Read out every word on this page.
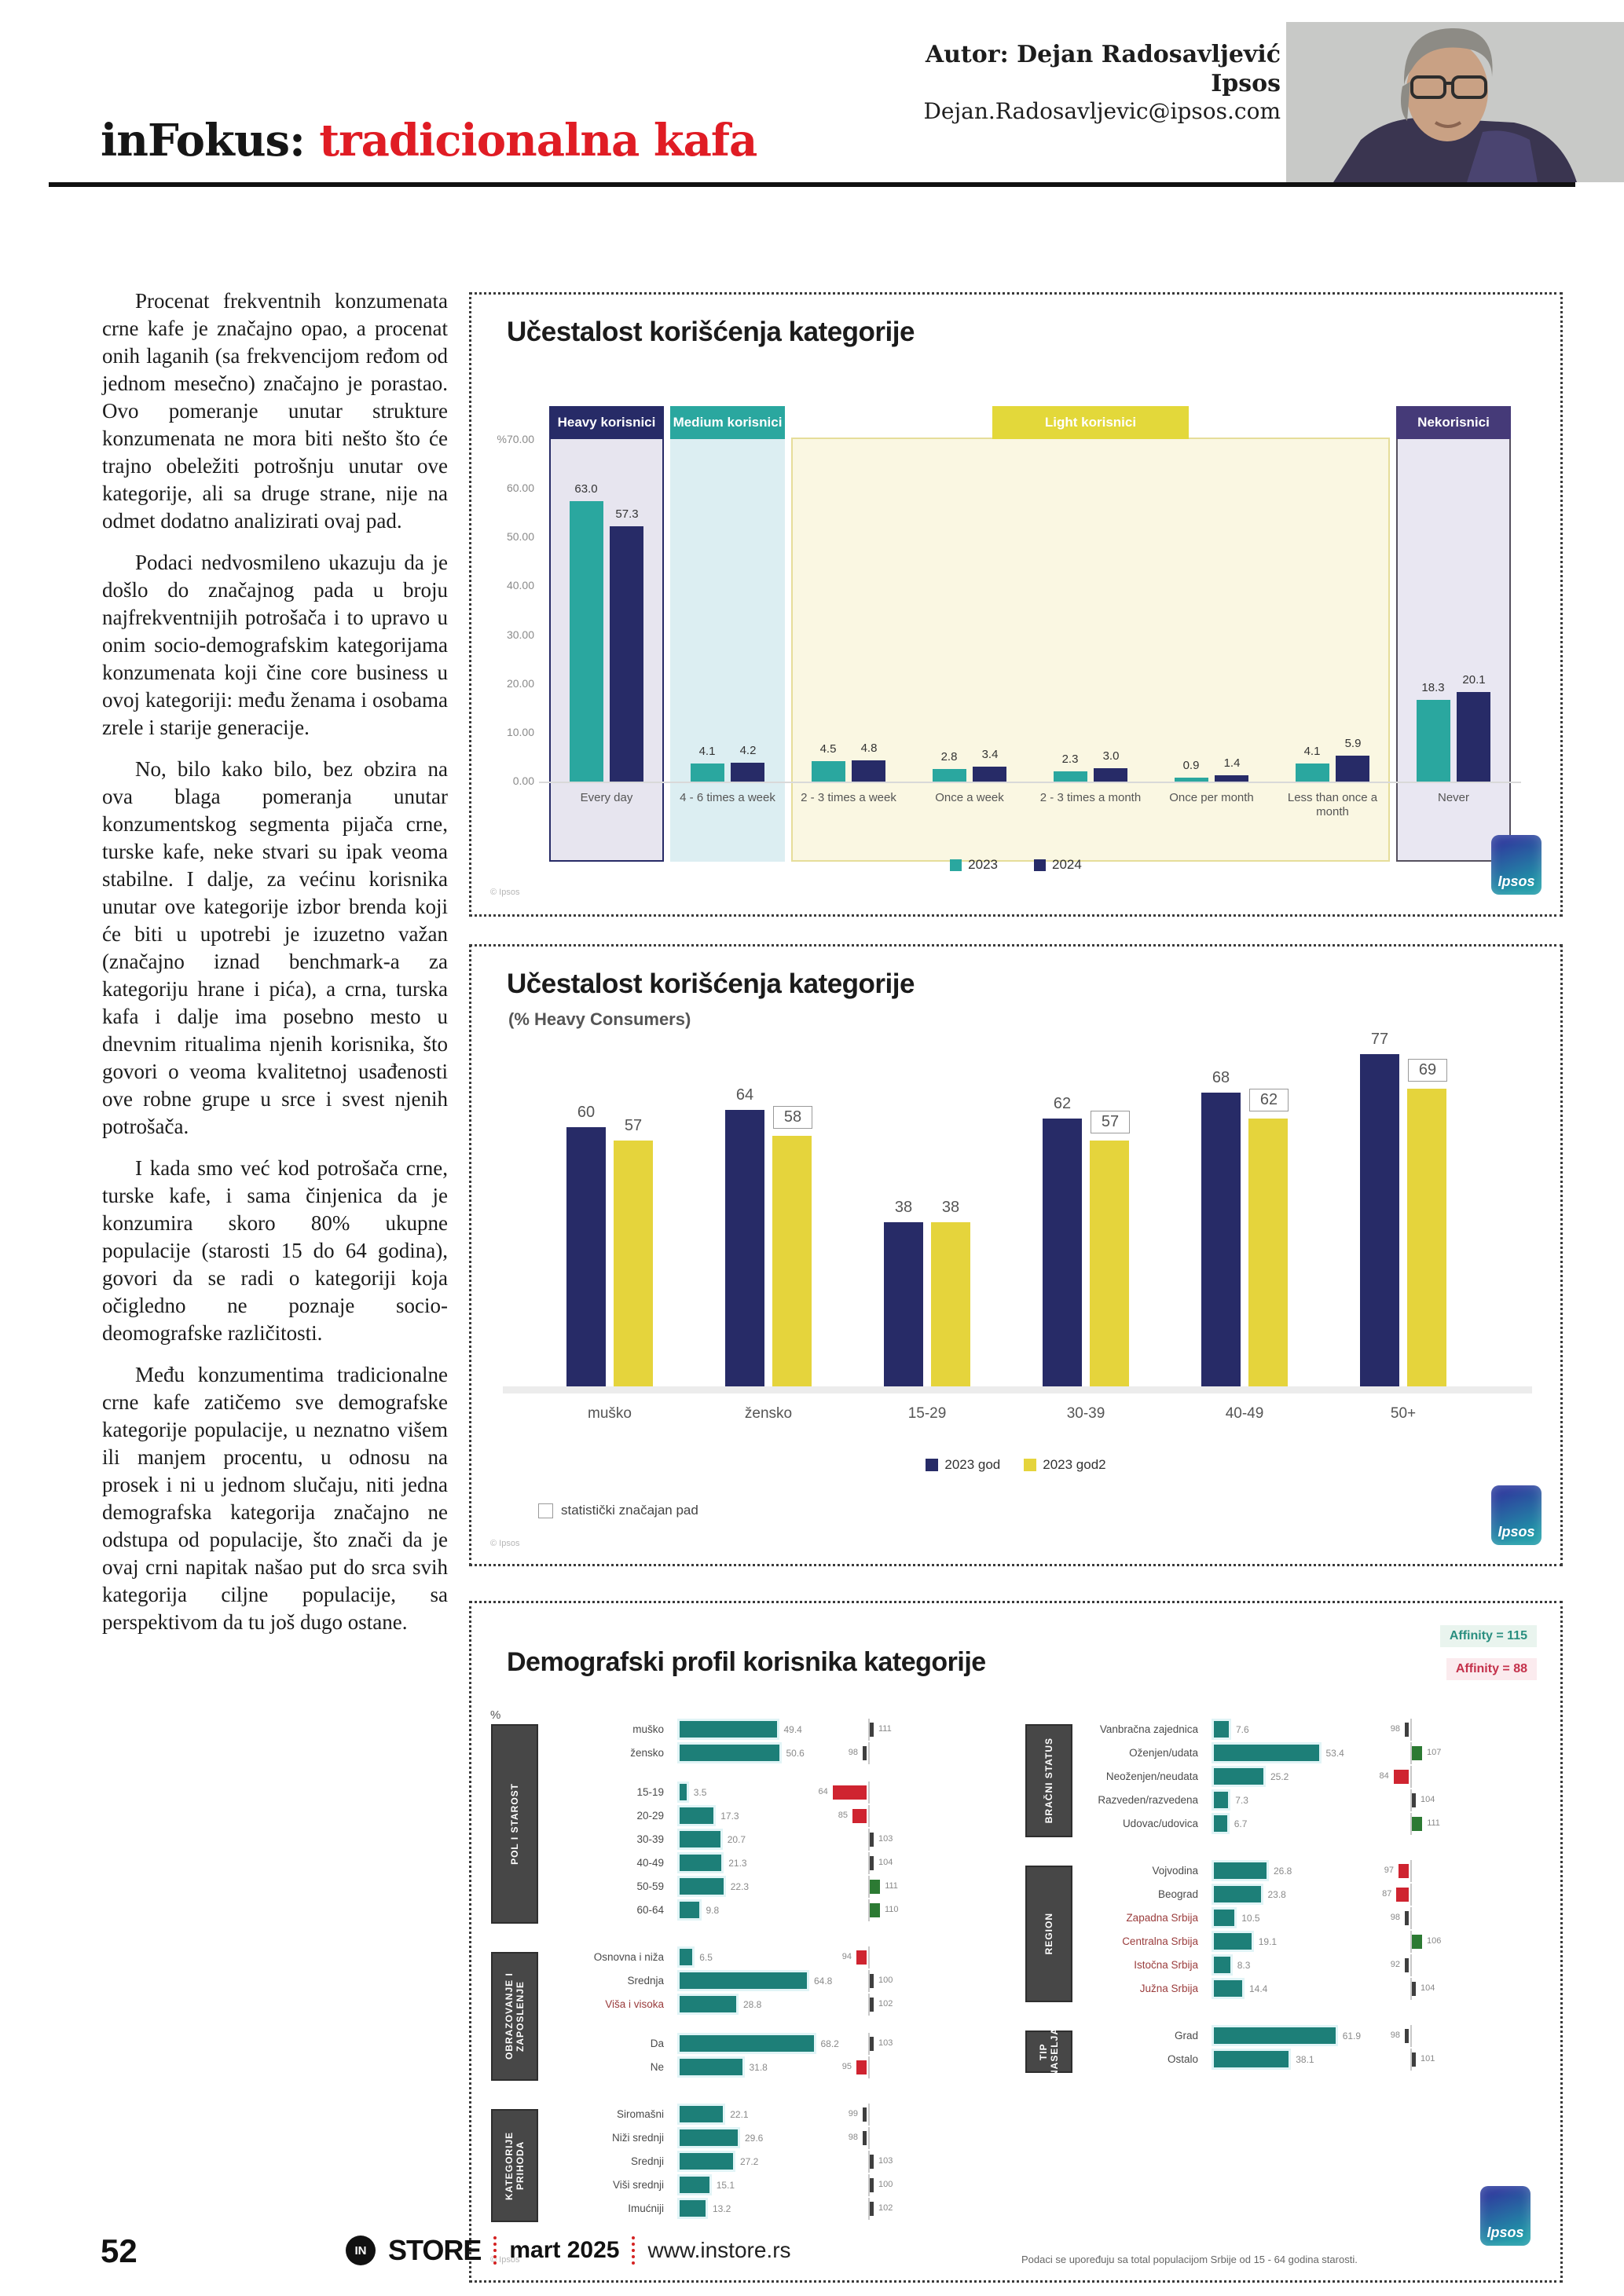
inFokus: tradicionalna kafa
Autor: Dejan Radosavljević
Ipsos
Dejan.Radosavljevic@ipsos.com

Procenat frekventnih konzumenata crne kafe je značajno opao, a procenat onih laganih (sa frekvencijom ređom od jednom mesečno) značajno je porastao. Ovo pomeranje unutar strukture konzumenata ne mora biti nešto što će trajno obeležiti potrošnju unutar ove kategorije, ali sa druge strane, nije na odmet dodatno analizirati ovaj pad.

Podaci nedvosmileno ukazuju da je došlo do značajnog pada u broju najfrekventnijih potrošača i to upravo u onim socio-demografskim kategorijama konzumenata koji čine core business u ovoj kategoriji: među ženama i osobama zrele i starije generacije.

No, bilo kako bilo, bez obzira na ova blaga pomeranja unutar konzumentskog segmenta pijača crne, turske kafe, neke stvari su ipak veoma stabilne. I dalje, za većinu korisnika unutar ove kategorije izbor brenda koji će biti u upotrebi je izuzetno važan (značajno iznad benchmark-a za kategoriju hrane i pića), a crna, turska kafa i dalje ima posebno mesto u dnevnim ritualima njenih korisnika, što govori o veoma kvalitetnoj usađenosti ove robne grupe u srce i svest njenih potrošača.

I kada smo već kod potrošača crne, turske kafe, i sama činjenica da je konzumira skoro 80% ukupne populacije (starosti 15 do 64 godina), govori da se radi o kategoriji koja očigledno ne poznaje socio-deomografske različitosti.

Među konzumentima tradicionalne crne kafe zatičemo sve demografske kategorije populacije, u neznatno višem ili manjem procentu, u odnosu na prosek i ni u jednom slučaju, niti jedna demografska kategorija značajno ne odstupa od populacije, što znači da je ovaj crni napitak našao put do srca svih kategorija ciljne populacije, sa perspektivom da tu još dugo ostane.

Učestalost korišćenja kategorije
Heavy korisnici Medium korisnici	Light korisnici	Nekorisnici
%70.00
60.00
50.00
40.00
30.00
20.00
10.00
0.00
63.0
57.3
Every day
4.1	4.2
4 - 6 times a week
4.5	4.8
2 - 3 times a week
2.8	3.4
Once a week
2.3	3.0
2 - 3 times a month
0.9	1.4
Once per month
4.1
5.9
Less than once a month
18.3
20.1
Never
2023	2024
© Ipsos
Ipsos
Učestalost korišćenja kategorije
(% Heavy Consumers)
60
57
muško
64
58
žensko
38	38
15-29
62
57
30-39
68
62
40-49
77
69
50+
2023 god	2023 god2
statistički značajan pad
© Ipsos
Ipsos
Demografski profil korisnika kategorije
Affinity = 115
Affinity = 88
%
muško	49.4	111
žensko	50.6	98
15-19	3.5	64
20-29	17.3	85
30-39	20.7	103
40-49	21.3	104
50-59	22.3	111
60-64	9.8	110
POL I STAROST
Osnovna i niža	6.5	94
Srednja	64.8	100
Viša i visoka	28.8	102
Da	68.2	103
Ne	31.8	95
OBRAZOVANJE I ZAPOSLENJE
Siromašni	22.1	99
Niži srednji	29.6	98
Srednji	27.2	103
Viši srednji	15.1	100
Imućniji	13.2	102
KATEGORIJE PRIHODA
Vanbračna zajednica	7.6	98
Oženjen/udata	53.4	107
Neoženjen/neudata	25.2	84
Razveden/razvedena	7.3	104
Udovac/udovica	6.7	111
BRAČNI STATUS
Vojvodina	26.8	97
Beograd	23.8	87
Zapadna Srbija	10.5	98
Centralna Srbija	19.1	106
Istočna Srbija	8.3	92
Južna Srbija	14.4	104
REGION
Grad	61.9	98
Ostalo	38.1	101
TIP NASELJA
Podaci se upoređuju sa total populacijom Srbije od 15 - 64 godina starosti.
© Ipsos
Ipsos
52	IN STORE mart 2025 www.instore.rs
